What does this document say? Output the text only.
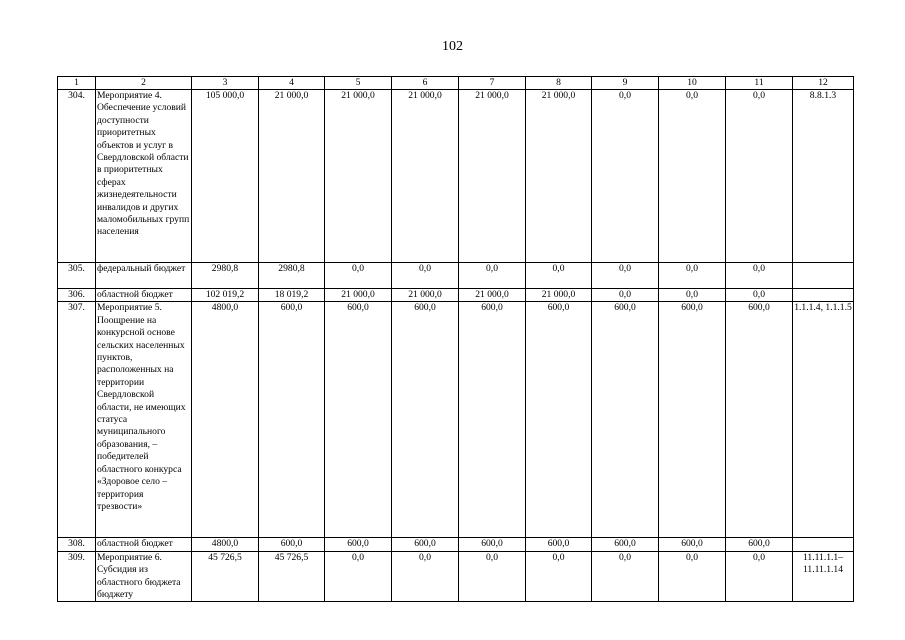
102
1	2	3	4	5	6	7	8	9	10	11	12
304.	Мероприятие 4. Обеспечение условий доступности приоритетных объектов и услуг в Свердловской области в приоритетных сферах жизнедеятельности инвалидов и других маломобильных групп населения	105 000,0	21 000,0	21 000,0	21 000,0	21 000,0	21 000,0	0,0	0,0	0,0	8.8.1.3
305.	федеральный бюджет	2980,8	2980,8	0,0	0,0	0,0	0,0	0,0	0,0	0,0	
306.	областной бюджет	102 019,2	18 019,2	21 000,0	21 000,0	21 000,0	21 000,0	0,0	0,0	0,0	
307.	Мероприятие 5. Поощрение на конкурсной основе сельских населенных пунктов, расположенных на территории Свердловской области, не имеющих статуса муниципального образования, – победителей областного конкурса «Здоровое село – территория трезвости»	4800,0	600,0	600,0	600,0	600,0	600,0	600,0	600,0	600,0	1.1.1.4, 1.1.1.5
308.	областной бюджет	4800,0	600,0	600,0	600,0	600,0	600,0	600,0	600,0	600,0	
309.	Мероприятие 6. Субсидия из областного бюджета бюджету	45 726,5	45 726,5	0,0	0,0	0,0	0,0	0,0	0,0	0,0	11.11.1.1– 11.11.1.14
